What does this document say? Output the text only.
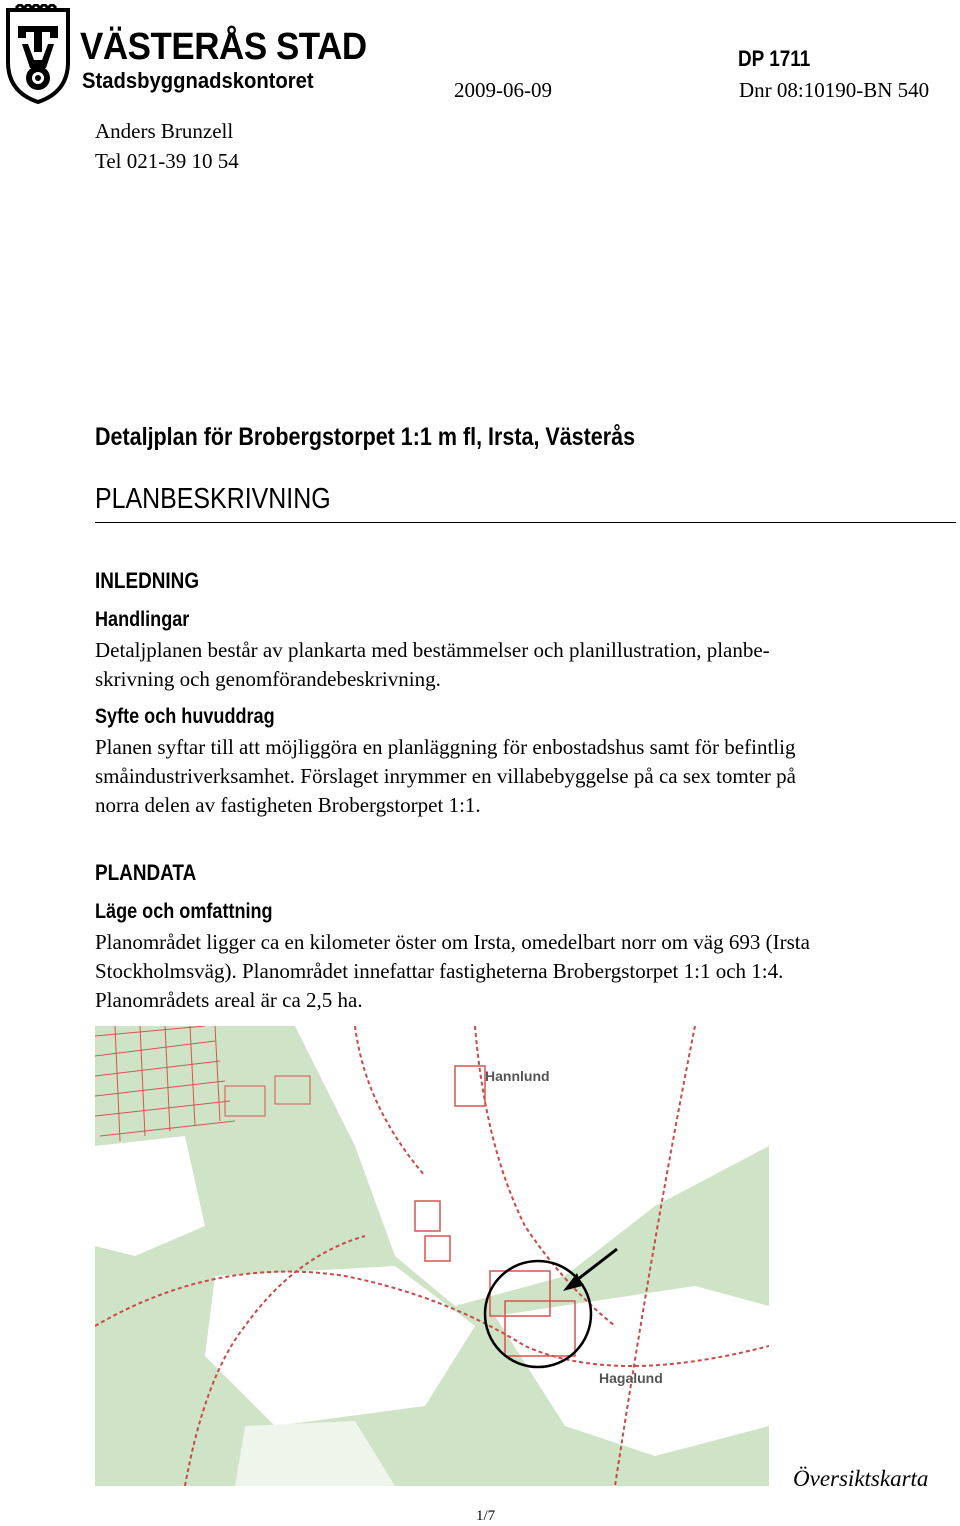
VÄSTERÅS STAD
Stadsbyggnadskontoret
DP 1711
2009-06-09	Dnr 08:10190-BN 540
Anders Brunzell
Tel 021-39 10 54
Detaljplan för Brobergstorpet 1:1 m fl, Irsta, Västerås
PLANBESKRIVNING
INLEDNING
Handlingar
Detaljplanen består av plankarta med bestämmelser och planillustration, planbe-
skrivning och genomförandebeskrivning.
Syfte och huvuddrag
Planen syftar till att möjliggöra en planläggning för enbostadshus samt för befintlig
småindustriverksamhet. Förslaget inrymmer en villabebyggelse på ca sex tomter på
norra delen av fastigheten Brobergstorpet 1:1.
PLANDATA
Läge och omfattning
Planområdet ligger ca en kilometer öster om Irsta, omedelbart norr om väg 693 (Irsta
Stockholmsväg). Planområdet innefattar fastigheterna Brobergstorpet 1:1 och 1:4.
Planområdets areal är ca 2,5 ha.
Hannlund
Hagalund
Översiktskarta
1/7
